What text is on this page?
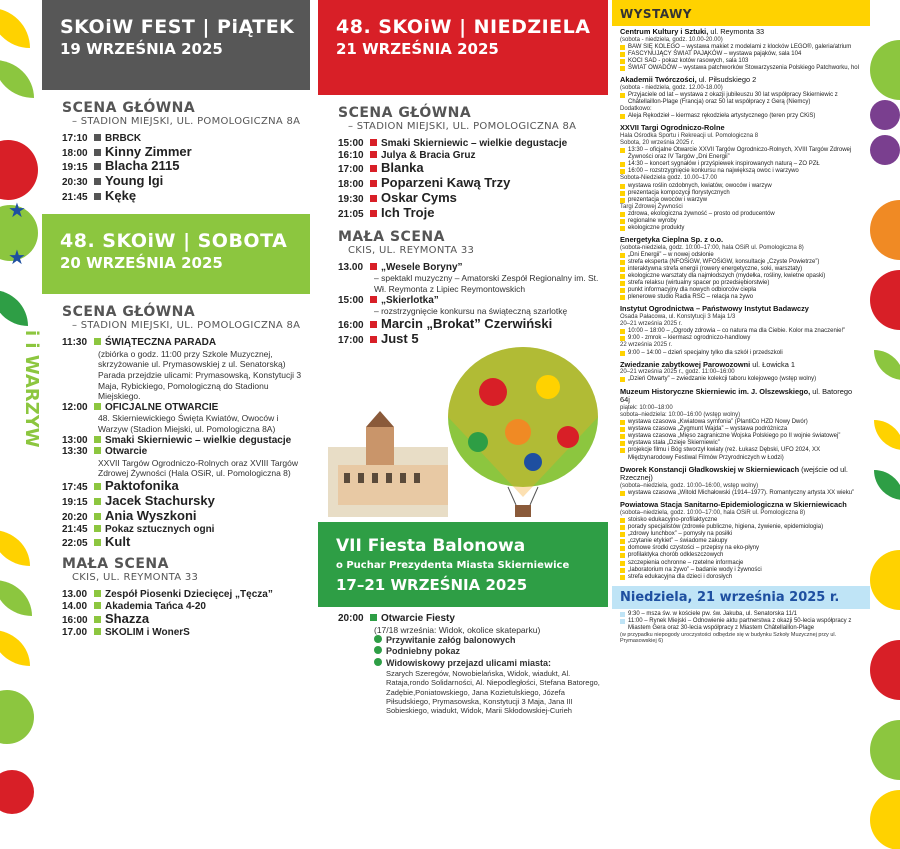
★
★
i i WARZYW
SKOiW FEST | PiĄTEK
19 WRZEŚNIA 2025
SCENA GŁÓWNA
– STADION MIEJSKI, UL. POMOLOGICZNA 8A
17:10	BRBCK
18:00	Kinny Zimmer
19:15	Blacha 2115
20:30	Young Igi
21:45	Kękę
48. SKOiW | SOBOTA
20 WRZEŚNIA 2025
SCENA GŁÓWNA
– STADION MIEJSKI, UL. POMOLOGICZNA 8A
11:30	ŚWIĄTECZNA PARADA
(zbiórka o godz. 11:00 przy Szkole Muzycznej, skrzyżowanie ul. Prymasowskiej z ul. Senatorską) Parada przejdzie ulicami: Prymasowską, Konstytucji 3 Maja, Rybickiego, Pomologiczną do Stadionu Miejskiego.
12:00	OFICJALNE OTWARCIE
48. Skierniewickiego Święta Kwiatów, Owoców i Warzyw (Stadion Miejski, ul. Pomologiczna 8A)
13:00	Smaki Skierniewic – wielkie degustacje
13:30	Otwarcie
XXVII Targów Ogrodniczo-Rolnych oraz XVIII Targów Zdrowej Żywności (Hala OSiR, ul. Pomologiczna 8)
17:45	Paktofonika
19:15	Jacek Stachursky
20:20	Ania Wyszkoni
21:45	Pokaz sztucznych ogni
22:05	Kult
MAŁA SCENA
CKIS, UL. REYMONTA 33
13.00	Zespół Piosenki Dziecięcej „Tęcza”
14.00	Akademia Tańca 4-20
16:00	Shazza
17.00	SKOLIM i WonerS
48. SKOiW | NIEDZIELA
21 WRZEŚNIA 2025
SCENA GŁÓWNA
– STADION MIEJSKI, UL. POMOLOGICZNA 8A
15:00	Smaki Skierniewic – wielkie degustacje
16:10	Julya & Bracia Gruz
17:00	Blanka
18:00	Poparzeni Kawą Trzy
19:30	Oskar Cyms
21:05	Ich Troje
MAŁA SCENA
CKIS, UL. REYMONTA 33
13.00	„Wesele Boryny”
– spektakl muzyczny – Amatorski Zespół Regionalny im. St. Wł. Reymonta z Lipiec Reymontowskich
15:00	„Skierlotka”
– rozstrzygnięcie konkursu na świąteczną szarlotkę
16:00	Marcin „Brokat” Czerwiński
17:00	Just 5
VII Fiesta Balonowa
o Puchar Prezydenta Miasta Skierniewice
17–21 WRZEŚNIA 2025
20:00	Otwarcie Fiesty
(17/18 września: Widok, okolice skateparku)
Przywitanie załóg balonowych
Podniebny pokaz
Widowiskowy przejazd ulicami miasta:
Szarych Szeregów, Nowobielańska, Widok, wiadukt, Al. Rataja,rondo Solidarności, Al. Niepodległości, Stefana Batorego, Zadębie,Poniatowskiego, Jana Kozietulskiego, Józefa Piłsudskiego, Prymasowska, Konstytucji 3 Maja, Jana III Sobieskiego, wiadukt, Widok, Marii Skłodowskiej-Curieh
WYSTAWY
Centrum Kultury i Sztuki, ul. Reymonta 33
(sobota - niedziela, godz. 10.00-20.00)
BAW SIĘ KOLEGO – wystawa makiet z modelami z klocków LEGO®, galeria/atrium
FASCYNUJĄCY ŚWIAT PAJĄKÓW – wystawa pająków, sala 104
KOCI SAD - pokaz kotów rasowych, sala 103
ŚWIAT OWADÓW – wystawa patchworków Stowarzyszenia Polskiego Patchworku, hol
Akademii Twórczości, ul. Piłsudskiego 2
(sobota - niedziela, godz. 12.00-18.00)
Przyjaciele od lat – wystawa z okazji jubileuszu 30 lat współpracy Skierniewic z Châtellaillon-Plage (Francja) oraz 50 lat współpracy z Gerą (Niemcy)
Dodatkowo:
Aleja Rękodzieł – kiermasz rękodzieła artystycznego (teren przy CKiS)
XXVII Targi Ogrodniczo-Rolne
Hala Ośrodka Sportu i Rekreacji ul. Pomologiczna 8
Sobota, 20 września 2025 r.
13:30 – oficjalne Otwarcie XXVII Targów Ogrodniczo-Rolnych, XVIII Targów Zdrowej Żywności oraz IV Targów „Dni Energii”
14:30 – koncert sygnałów i przyśpiewek inspirowanych naturą – ZO PZŁ
16:00 – rozstrzygnięcie konkursu na największą owoc i warzywo
Sobota-Niedziela godz. 10.00–17.00
wystawa roślin ozdobnych, kwiatów, owoców i warzyw
prezentacja kompozycji florystycznych
prezentacja owoców i warzyw
Targi Zdrowej Żywności
zdrowa, ekologiczna żywność – prosto od producentów
regionalne wyroby
ekologiczne produkty
Energetyka Cieplna Sp. z o.o.
(sobota-niedziela, godz. 10:00–17:00, hala OSiR ul. Pomologiczna 8)
„Dni Energii” – w nowej odsłonie
strefa eksperta (NFOŚiGW, WFOŚiGW, konsultacje „Czyste Powietrze”)
interaktywna strefa energii (rowery energetyczne, soki, warsztaty)
ekologiczne warsztaty dla najmłodszych (mydełka, rośliny, kwietne opaski)
strefa relaksu (wirtualny spacer po przedsiębiorstwie)
punkt informacyjny dla nowych odbiorców ciepła
plenerowe studio Radia RSC – relacja na żywo
Instytut Ogrodnictwa – Państwowy Instytut Badawczy
Osada Pałacowa, ul. Konstytucji 3 Maja 1/3
20–21 września 2025 r.
10:00 – 18:00 – „Ogrody zdrowia – co natura ma dla Ciebie. Kolor ma znaczenie!”
9:00 - zmrok – kiermasz ogrodniczo-handlowy
22 września 2025 r.
9:00 – 14:00 – dzień specjalny tylko dla szkół i przedszkoli
Zwiedzanie zabytkowej Parowozowni ul. Łowicka 1
20–21 września 2025 r., godz. 11:00–16:00
„Dzień Otwarty” – zwiedzanie kolekcji taboru kolejowego (wstęp wolny)
Muzeum Historyczne Skierniewic im. J. Olszewskiego, ul. Batorego 64j
piątek: 10:00–18:00
sobota–niedziela: 10:00–16:00 (wstęp wolny)
wystawa czasowa „Kwiatowa symfonia” (PlantiCo HZD Nowy Dwór)
wystawa czasowa „Zygmunt Wajda” – wystawa podróżnicza
wystawa czasowa „Mięso zagraniczne Wojska Polskiego po II wojnie światowej”
wystawa stała „Dzieje Skierniewic”
projekcje filmu i Bóg stworzył kwiaty (reż. Łukasz Dębski, UFO 2024, XX Międzynarodowy Festiwal Filmów Przyrodniczych w Łodzi)
Dworek Konstancji Gładkowskiej w Skierniewicach (wejście od ul. Rzecznej)
(sobota–niedziela, godz. 10:00–16:00, wstęp wolny)
wystawa czasowa „Witold Michałowski (1914–1977). Romantyczny artysta XX wieku”
Powiatowa Stacja Sanitarno-Epidemiologiczna w Skierniewicach
(sobota–niedziela, godz. 10:00–17:00, hala OSiR ul. Pomologiczna 8)
stoisko edukacyjno-profilaktyczne
porady specjalistów (zdrowie publiczne, higiena, żywienie, epidemiologia)
„zdrowy lunchbox” – pomysły na posiłki
„czytanie etykiet” – świadome zakupy
domowe środki czystości – przepisy na eko-płyny
profilaktyka chorób odkleszczowych
szczepienia ochronne – rzetelne informacje
„laboratorium na żywo” – badanie wody i żywności
strefa edukacyjna dla dzieci i dorosłych
Niedziela, 21 września 2025 r.
9:30 – msza św. w kościele pw. św. Jakuba, ul. Senatorska 11/1
11:00 – Rynek Miejski – Odnowienie aktu partnerstwa z okazji 50-lecia współpracy z Miastem Gera oraz 30-lecia współpracy z Miastem Châtellaillon-Plage
(w przypadku niepogody uroczystości odbędzie się w budynku Szkoły Muzycznej przy ul. Prymasowskiej 6)
